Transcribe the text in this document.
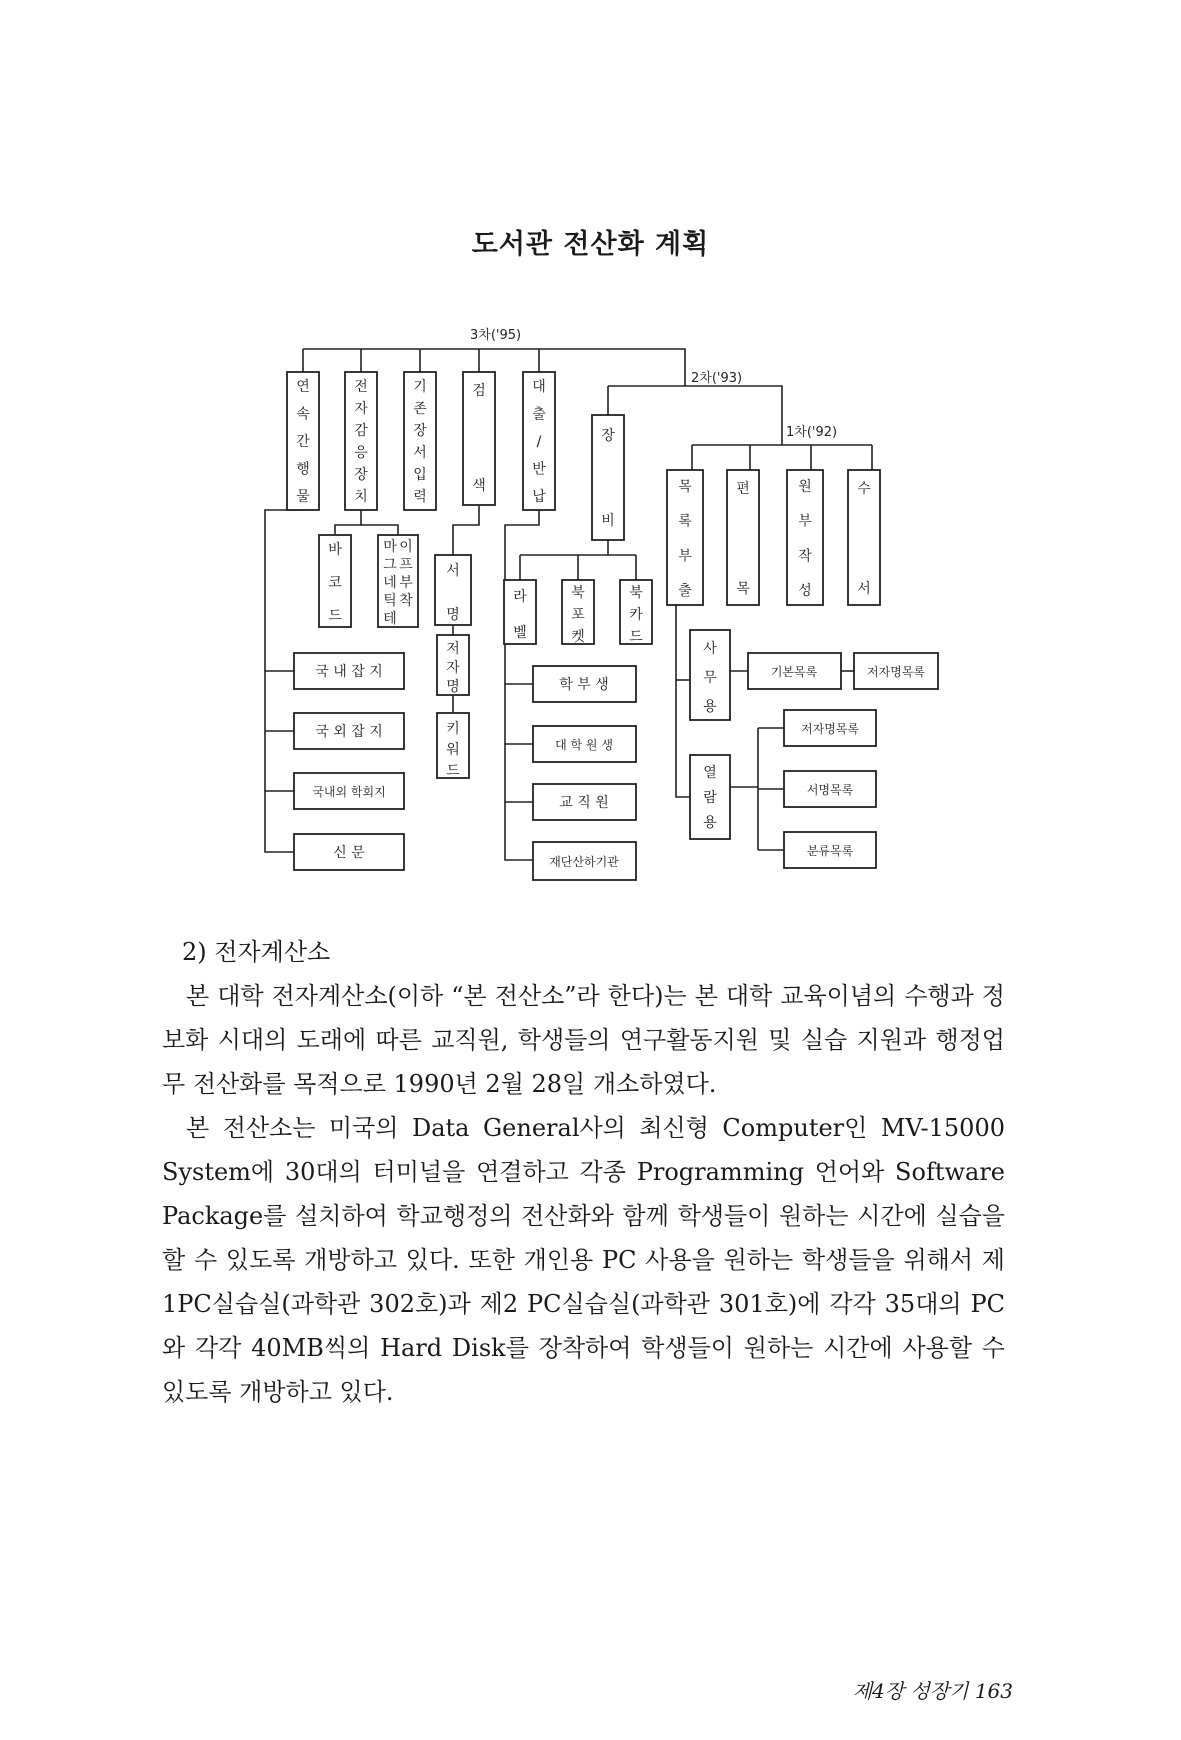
도서관 전산화 계획
3차('95)
2차('93)
1차('92)
연 속 간 행 물
전 자 감 응 장 치
기 존 장 서 입 력
검 색
대 출 / 반 납
장 비
목 록 부 출
편 목
원 부 작 성
수 서
바 코 드
마 그 네 틱 테이 프 부 착
서 명
저 자 명
키 워 드
라 벨
북 포 켓
북 카 드
사 무 용
열 람 용
국 내 잡 지
국 외 잡 지
국내외 학회지
신 문
학 부 생
대 학 원 생
교 직 원
재단산하기관
기본목록	저자명목록
저자명목록
서명목록
분류목록

2) 전자계산소

본 대학 전자계산소(이하 “본 전산소”라 한다)는 본 대학 교육이념의 수행과 정보화 시대의 도래에 따른 교직원, 학생들의 연구활동지원 및 실습 지원과 행정업무 전산화를 목적으로 1990년 2월 28일 개소하였다.

본 전산소는 미국의 Data General사의 최신형 Computer인 MV-15000 System에 30대의 터미널을 연결하고 각종 Programming 언어와 Software Package를 설치하여 학교행정의 전산화와 함께 학생들이 원하는 시간에 실습을 할 수 있도록 개방하고 있다. 또한 개인용 PC 사용을 원하는 학생들을 위해서 제1PC실습실(과학관 302호)과 제2 PC실습실(과학관 301호)에 각각 35대의 PC와 각각 40MB씩의 Hard Disk를 장착하여 학생들이 원하는 시간에 사용할 수 있도록 개방하고 있다.

제4장 성장기 163
